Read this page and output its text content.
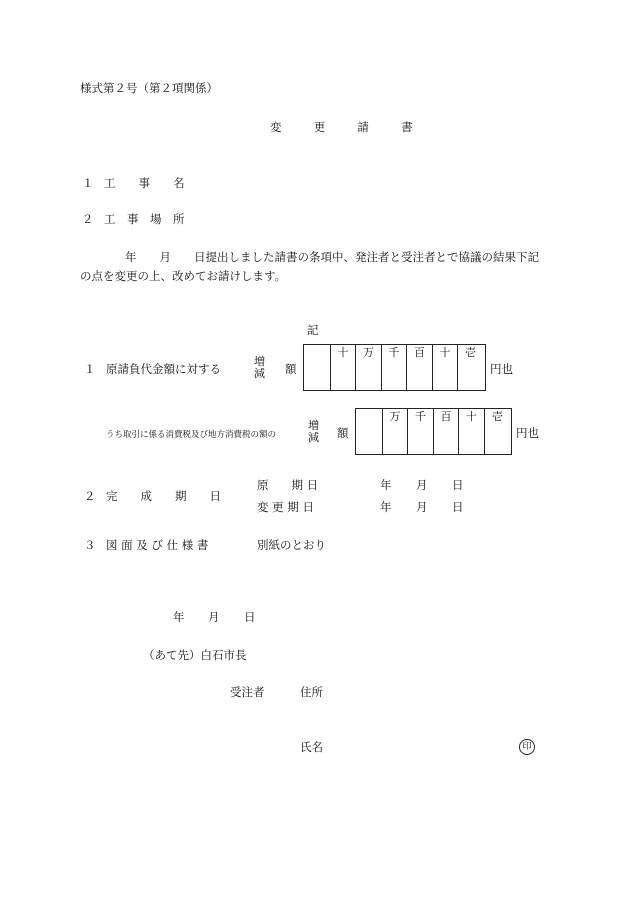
様式第２号（第２項関係）
変　更　請　書
１ 工　　事　　名
２ 工　事　場　所
年　　月　　日提出しました請書の条項中、発注者と受注者とで協議の結果下記
の点を変更の上、改めてお請けします。
記
１ 原請負代金額に対する
増
減 額
十	万	千	百	十	壱
円也
うち取引に係る消費税及び地方消費税の額の
増
減 額
万	千	百	十	壱
円也
２ 完　　成　　期　　日
原　　期 日	年 月 日
変 更 期 日	年 月 日
３ 図 面 及 び 仕 様 書	別紙のとおり
年 月 日
（あて先）白石市長
受注者	住所
氏名	印
